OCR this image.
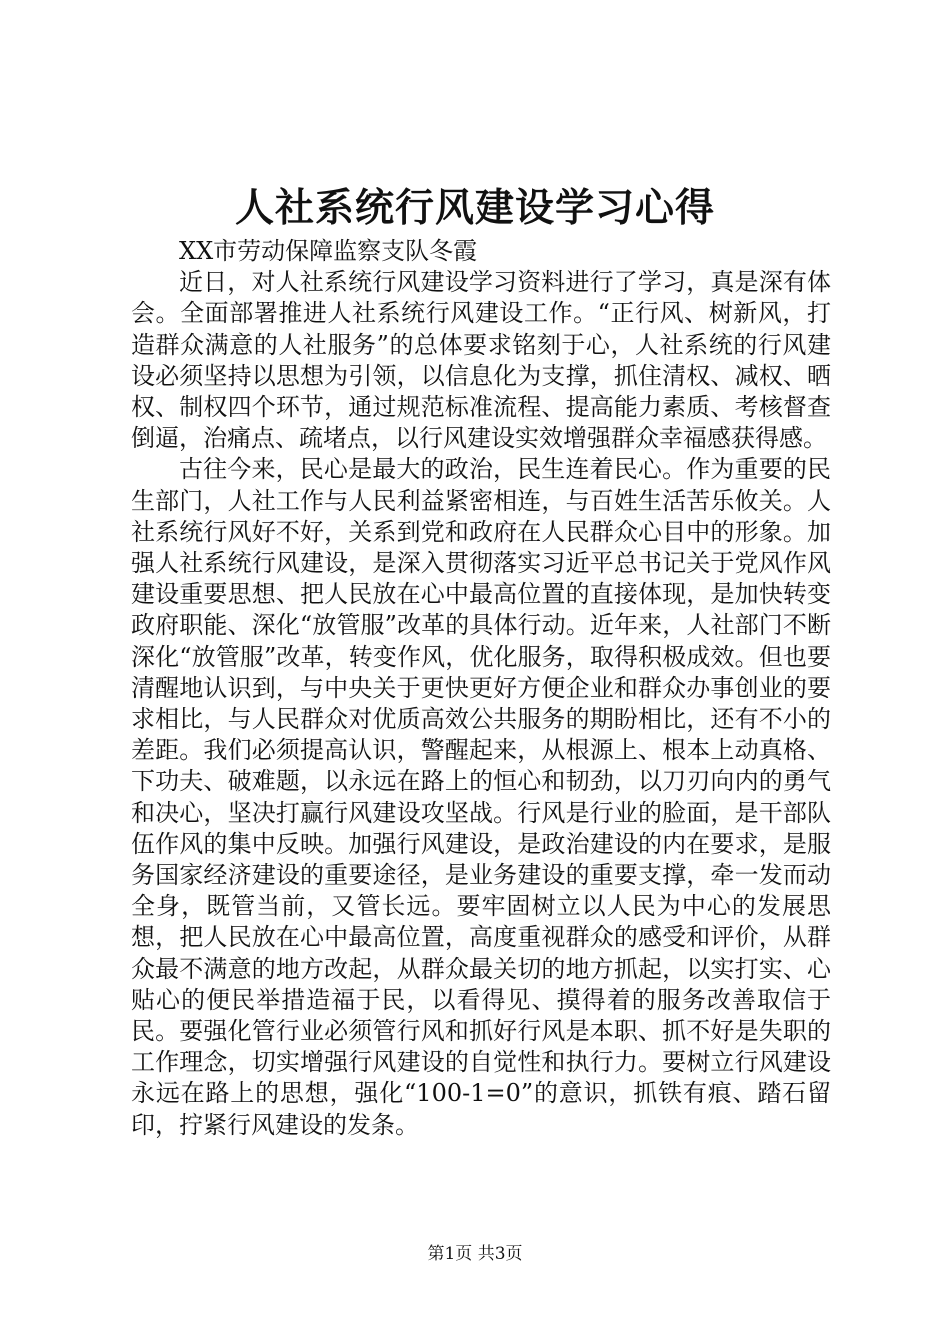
人社系统行风建设学习心得

XX市劳动保障监察支队冬霞

近日，对人社系统行风建设学习资料进行了学习，真是深有体会。全面部署推进人社系统行风建设工作。“正行风、树新风，打造群众满意的人社服务”的总体要求铭刻于心，人社系统的行风建设必须坚持以思想为引领，以信息化为支撑，抓住清权、减权、晒权、制权四个环节，通过规范标准流程、提高能力素质、考核督查倒逼，治痛点、疏堵点，以行风建设实效增强群众幸福感获得感。

古往今来，民心是最大的政治，民生连着民心。作为重要的民生部门，人社工作与人民利益紧密相连，与百姓生活苦乐攸关。人社系统行风好不好，关系到党和政府在人民群众心目中的形象。加强人社系统行风建设，是深入贯彻落实习近平总书记关于党风作风建设重要思想、把人民放在心中最高位置的直接体现，是加快转变政府职能、深化“放管服”改革的具体行动。近年来，人社部门不断深化“放管服”改革，转变作风，优化服务，取得积极成效。但也要清醒地认识到，与中央关于更快更好方便企业和群众办事创业的要求相比，与人民群众对优质高效公共服务的期盼相比，还有不小的差距。我们必须提高认识，警醒起来，从根源上、根本上动真格、下功夫、破难题，以永远在路上的恒心和韧劲，以刀刃向内的勇气和决心，坚决打赢行风建设攻坚战。行风是行业的脸面，是干部队伍作风的集中反映。加强行风建设，是政治建设的内在要求，是服务国家经济建设的重要途径，是业务建设的重要支撑，牵一发而动全身，既管当前，又管长远。要牢固树立以人民为中心的发展思想，把人民放在心中最高位置，高度重视群众的感受和评价，从群众最不满意的地方改起，从群众最关切的地方抓起，以实打实、心贴心的便民举措造福于民，以看得见、摸得着的服务改善取信于民。要强化管行业必须管行风和抓好行风是本职、抓不好是失职的工作理念，切实增强行风建设的自觉性和执行力。要树立行风建设永远在路上的思想，强化“100-1=0”的意识，抓铁有痕、踏石留印，拧紧行风建设的发条。

第1页 共3页
